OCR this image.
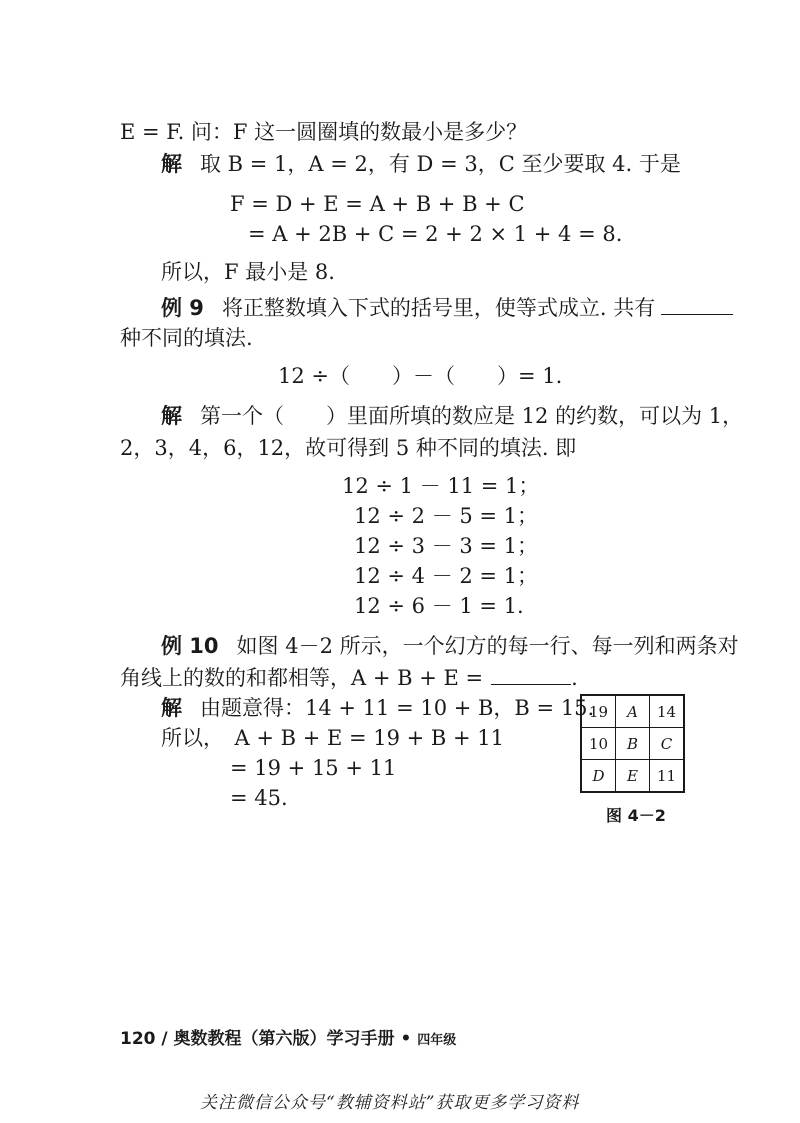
E = F. 问：F 这一圆圈填的数最小是多少？
解 取 B = 1，A = 2，有 D = 3，C 至少要取 4. 于是
F = D + E = A + B + B + C
= A + 2B + C = 2 + 2 × 1 + 4 = 8.
所以，F 最小是 8.
例 9 将正整数填入下式的括号里，使等式成立. 共有
种不同的填法.
12 ÷（　　）－（　　）= 1.
解 第一个（　　）里面所填的数应是 12 的约数，可以为 1，
2，3，4，6，12，故可得到 5 种不同的填法. 即
12 ÷ 1 － 11 = 1；
12 ÷ 2 － 5 = 1；
12 ÷ 3 － 3 = 1；
12 ÷ 4 － 2 = 1；
12 ÷ 6 － 1 = 1.
例 10 如图 4－2 所示，一个幻方的每一行、每一列和两条对
角线上的数的和都相等，A + B + E =	.
解 由题意得：14 + 11 = 10 + B，B = 15.
所以，　A + B + E = 19 + B + 11
= 19 + 15 + 11
= 45.
19	A	14
10	B	C
D	E	11
图 4－2
120 / 奥数教程（第六版）学习手册 • 四年级
关注微信公众号“教辅资料站”获取更多学习资料
